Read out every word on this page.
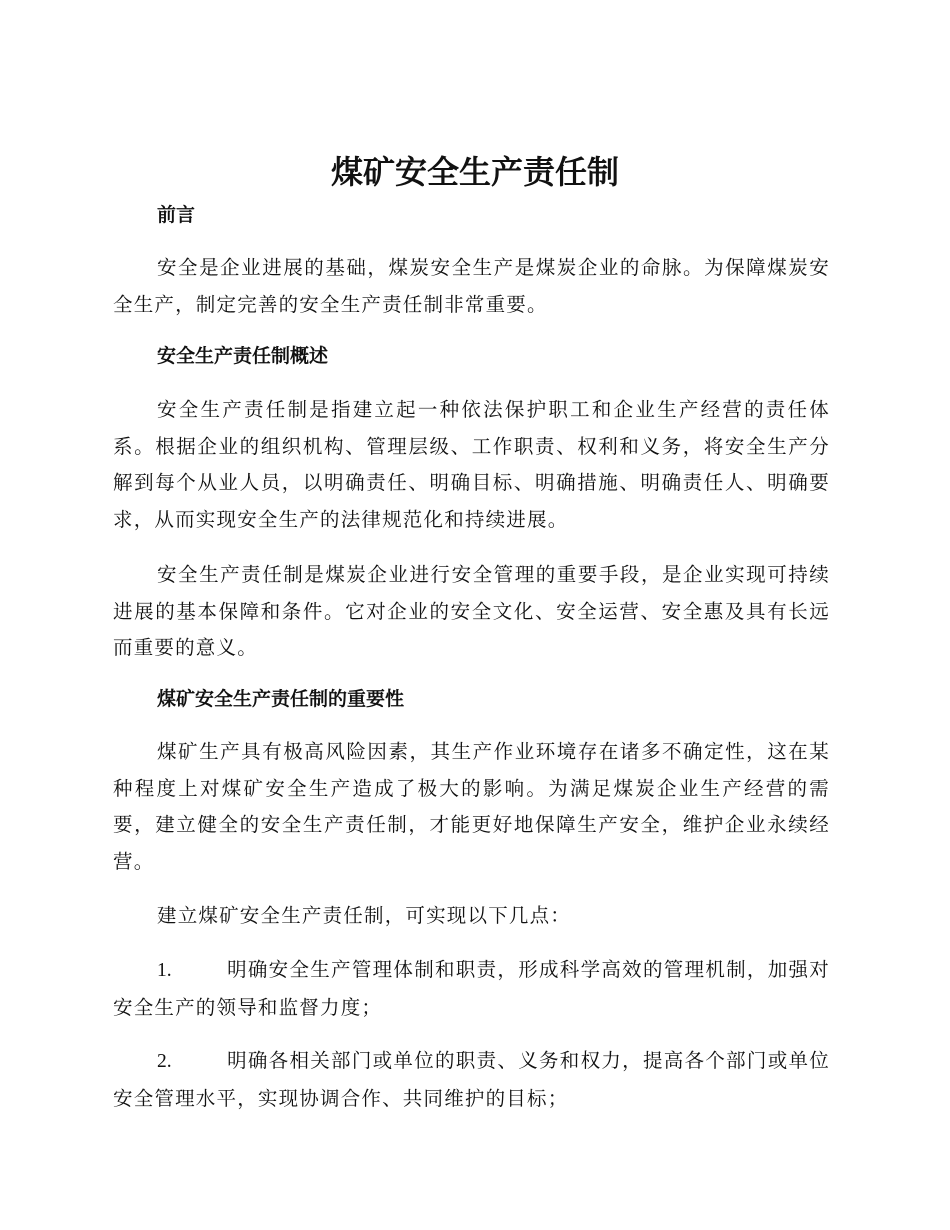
煤矿安全生产责任制
前言

安全是企业进展的基础，煤炭安全生产是煤炭企业的命脉。为保障煤炭安全生产，制定完善的安全生产责任制非常重要。

安全生产责任制概述

安全生产责任制是指建立起一种依法保护职工和企业生产经营的责任体系。根据企业的组织机构、管理层级、工作职责、权利和义务，将安全生产分解到每个从业人员，以明确责任、明确目标、明确措施、明确责任人、明确要求，从而实现安全生产的法律规范化和持续进展。

安全生产责任制是煤炭企业进行安全管理的重要手段，是企业实现可持续进展的基本保障和条件。它对企业的安全文化、安全运营、安全惠及具有长远而重要的意义。

煤矿安全生产责任制的重要性

煤矿生产具有极高风险因素，其生产作业环境存在诸多不确定性，这在某种程度上对煤矿安全生产造成了极大的影响。为满足煤炭企业生产经营的需要，建立健全的安全生产责任制，才能更好地保障生产安全，维护企业永续经营。

建立煤矿安全生产责任制，可实现以下几点：

1.	明确安全生产管理体制和职责，形成科学高效的管理机制，加强对安全生产的领导和监督力度；
2.	明确各相关部门或单位的职责、义务和权力，提高各个部门或单位安全管理水平，实现协调合作、共同维护的目标；
